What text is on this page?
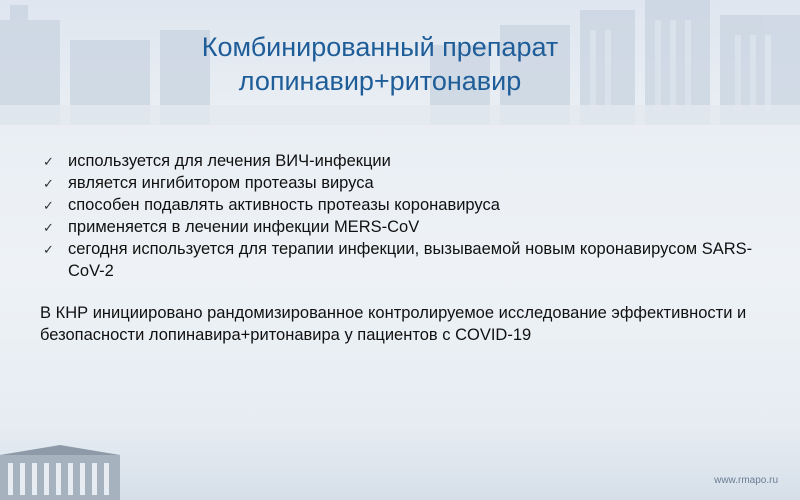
Комбинированный препарат
лопинавир+ритонавир
✓ используется для лечения ВИЧ-инфекции
✓ является ингибитором протеазы вируса
✓ способен подавлять активность протеазы коронавируса
✓ применяется в лечении инфекции MERS-CoV
✓ сегодня используется для терапии инфекции, вызываемой новым коронавирусом SARS-CoV-2

В КНР инициировано рандомизированное контролируемое исследование эффективности и безопасности лопинавира+ритонавира у пациентов с COVID-19

www.rmapo.ru
